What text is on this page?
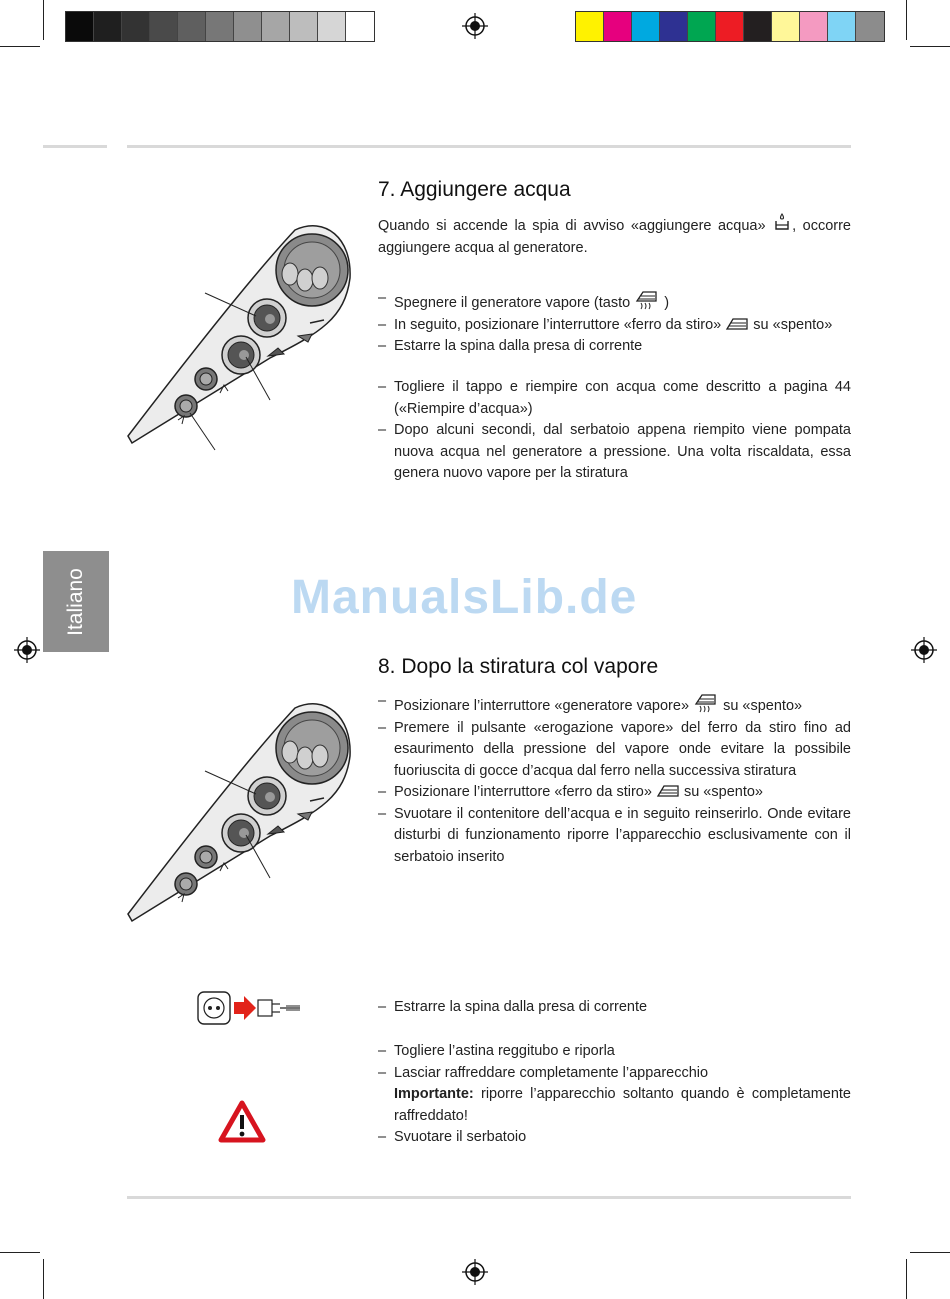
Italiano	ManualsLib.de
7. Aggiungere acqua

Quando si accende la spia di avviso «aggiungere acqua» , occorre aggiungere acqua al generatore.

– Spegnere il generatore vapore (tasto )
– In seguito, posizionare l’interruttore «ferro da stiro» su «spento»
– Estarre la spina dalla presa di corrente
– Togliere il tappo e riempire con acqua come descritto a pagina 44 («Riempire d’acqua»)
– Dopo alcuni secondi, dal serbatoio appena riempito viene pompata nuova acqua nel generatore a pressione. Una volta riscaldata, essa genera nuovo vapore per la stiratura
8. Dopo la stiratura col vapore
– Posizionare l’interruttore «generatore vapore» su «spento»
– Premere il pulsante «erogazione vapore» del ferro da stiro fino ad esaurimento della pressione del vapore onde evitare la possibile fuoriuscita di gocce d’acqua dal ferro nella successiva stiratura
– Posizionare l’interruttore «ferro da stiro» su «spento»
– Svuotare il contenitore dell’acqua e in seguito reinserirlo. Onde evitare disturbi di funzionamento riporre l’apparecchio esclusivamente con il serbatoio inserito
– Estrarre la spina dalla presa di corrente
– Togliere l’astina reggitubo e riporla
– Lasciar raffreddare completamente l’apparecchio
Importante: riporre l’apparecchio soltanto quando è completamente raffreddato!
– Svuotare il serbatoio
